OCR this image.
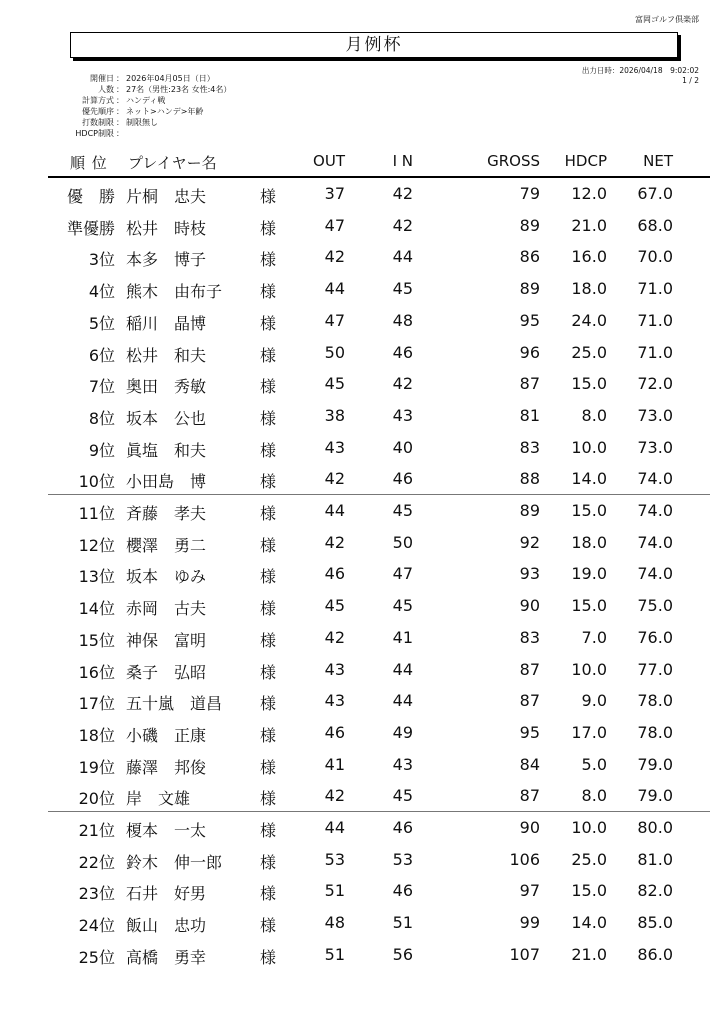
富岡ゴルフ倶楽部
月例杯
出力日時：2026/04/18　9:02:02
1 / 2
開催日 ： 2026年04月05日（日）
人数 ： 27名（男性:23名 女性:4名）
計算方式 ： ハンディ戦
優先順序 ： ネット>ハンデ>年齢
打数制限 ： 制限無し
HDCP制限 ：
順 位 プレイヤー名	OUT	I N	GROSS HDCP NET
優　勝 片桐　忠夫	様	37	42	79 12.0 67.0
準優勝 松井　時枝	様	47	42	89 21.0 68.0
3位 本多　博子	様	42	44	86 16.0 70.0
4位 熊木　由布子 様	44	45	89 18.0 71.0
5位 稲川　晶博	様	47	48	95 24.0 71.0
6位 松井　和夫	様	50	46	96 25.0 71.0
7位 奥田　秀敏	様	45	42	87 15.0 72.0
8位 坂本　公也	様	38	43	81	8.0 73.0
9位 眞塩　和夫	様	43	40	83 10.0 73.0
10位 小田島　博	様	42	46	88 14.0 74.0
11位 斉藤　孝夫	様	44	45	89 15.0 74.0
12位 櫻澤　勇二	様	42	50	92 18.0 74.0
13位 坂本　ゆみ	様	46	47	93 19.0 74.0
14位 赤岡　古夫	様	45	45	90 15.0 75.0
15位 神保　富明	様	42	41	83	7.0 76.0
16位 桑子　弘昭	様	43	44	87 10.0 77.0
17位 五十嵐　道昌 様	43	44	87	9.0 78.0
18位 小磯　正康	様	46	49	95 17.0 78.0
19位 藤澤　邦俊	様	41	43	84	5.0 79.0
20位 岸　文雄	様	42	45	87	8.0 79.0
21位 榎本　一太	様	44	46	90 10.0 80.0
22位 鈴木　伸一郎 様	53	53	106 25.0 81.0
23位 石井　好男	様	51	46	97 15.0 82.0
24位 飯山　忠功	様	48	51	99 14.0 85.0
25位 高橋　勇幸	様	51	56	107 21.0 86.0
